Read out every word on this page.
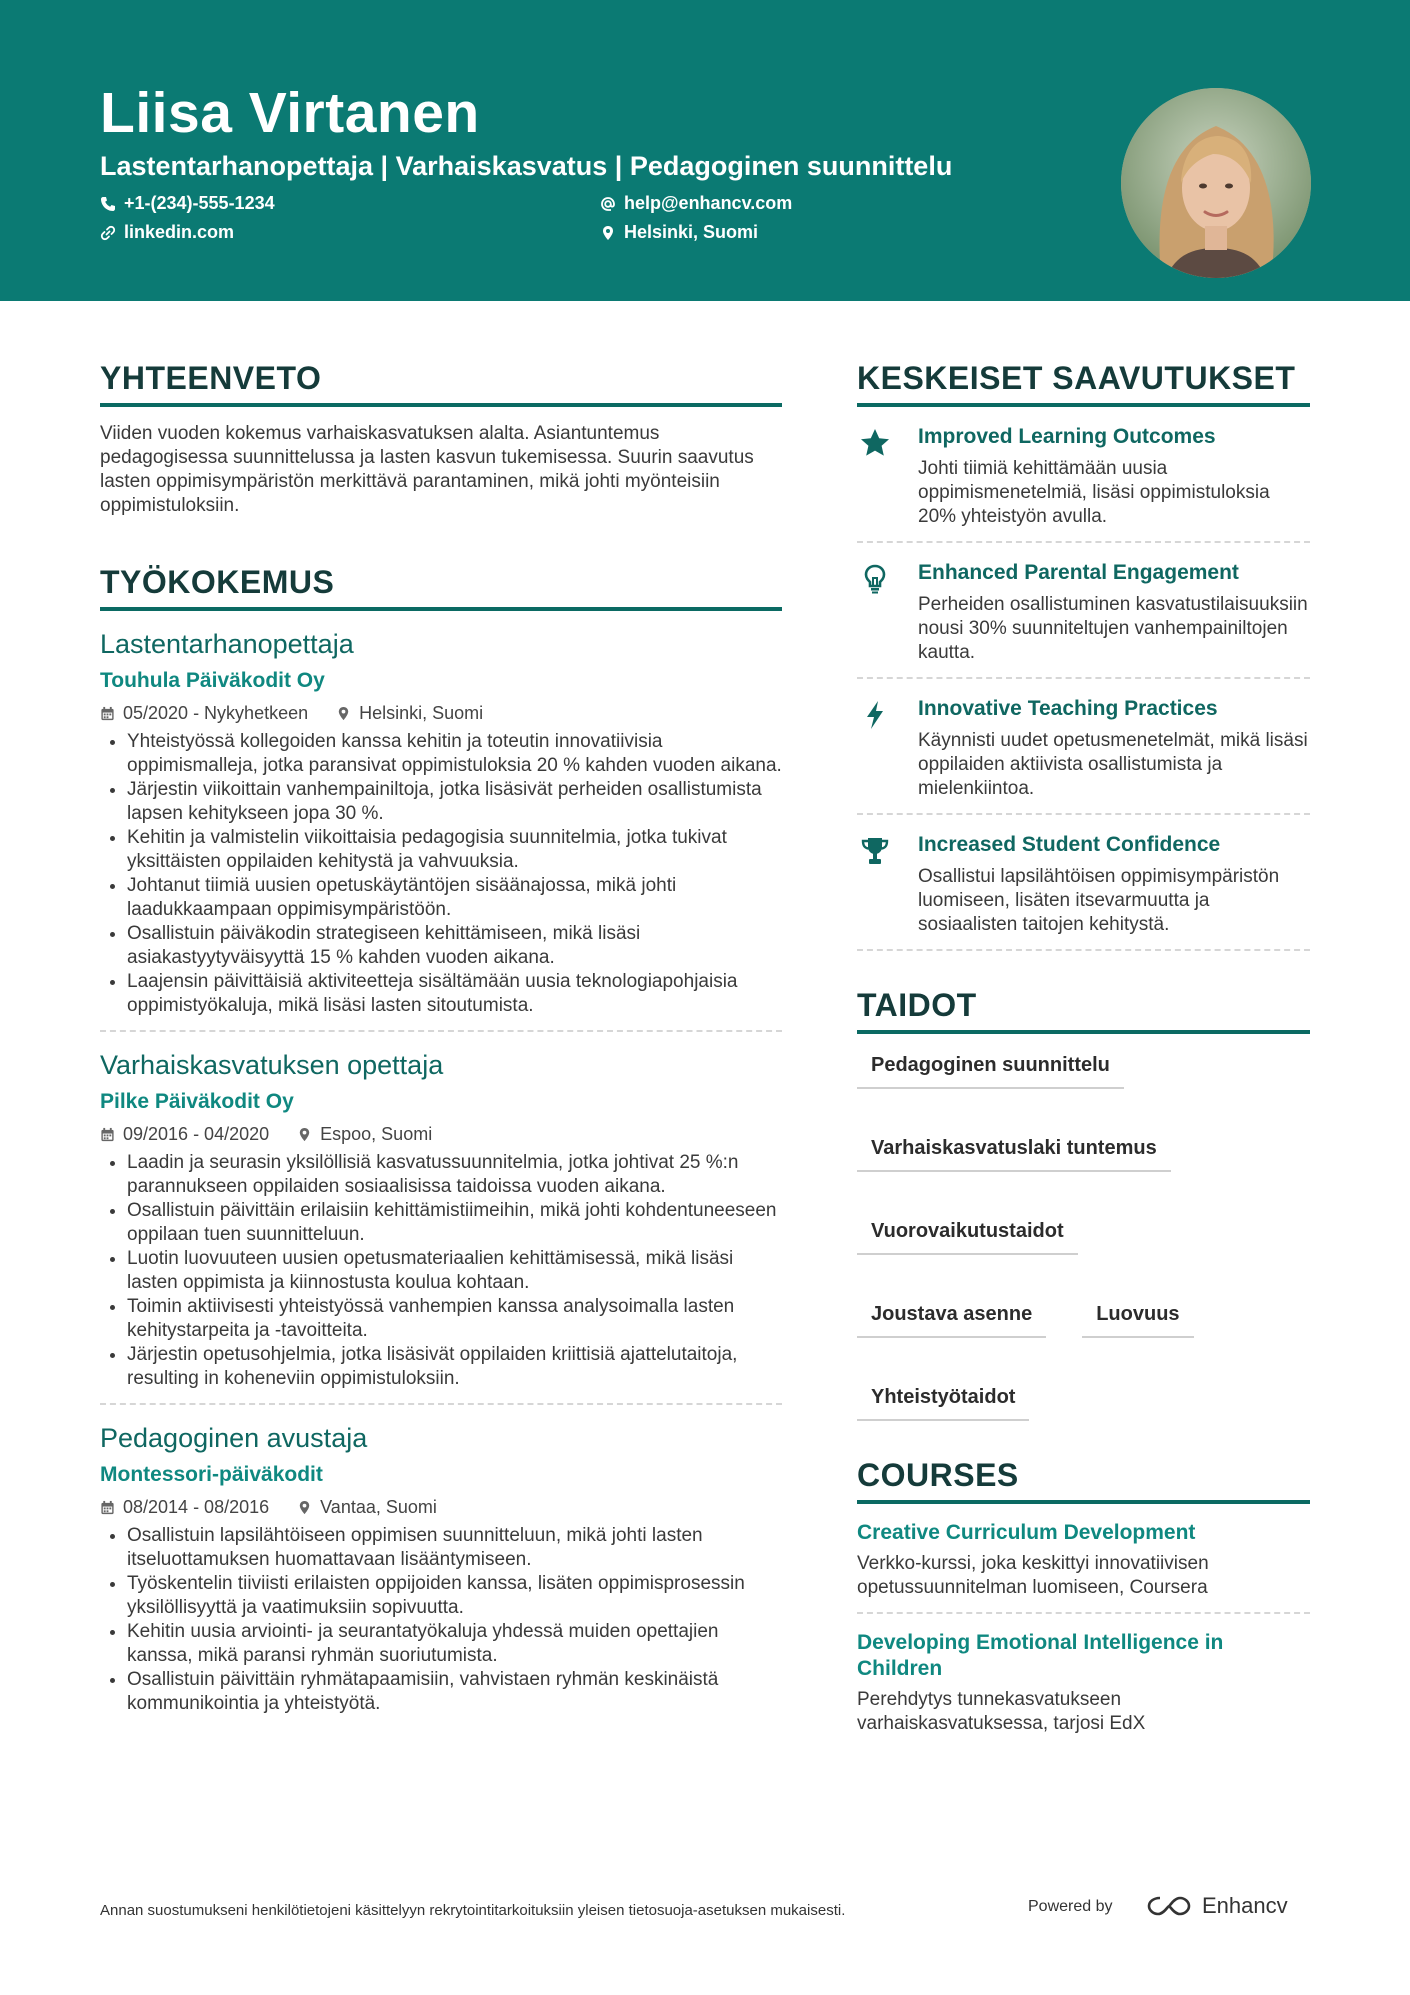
Liisa Virtanen
Lastentarhanopettaja | Varhaiskasvatus | Pedagoginen suunnittelu
+1-(234)-555-1234	help@enhancv.com
linkedin.com	Helsinki, Suomi
YHTEENVETO
Viiden vuoden kokemus varhaiskasvatuksen alalta. Asiantuntemus pedagogisessa suunnittelussa ja lasten kasvun tukemisessa. Suurin saavutus lasten oppimisympäristön merkittävä parantaminen, mikä johti myönteisiin oppimistuloksiin.
TYÖKOKEMUS
Lastentarhanopettaja
Touhula Päiväkodit Oy
05/2020 - Nykyhetkeen	Helsinki, Suomi
• Yhteistyössä kollegoiden kanssa kehitin ja toteutin innovatiivisia oppimismalleja, jotka paransivat oppimistuloksia 20 % kahden vuoden aikana.
• Järjestin viikoittain vanhempainiltoja, jotka lisäsivät perheiden osallistumista lapsen kehitykseen jopa 30 %.
• Kehitin ja valmistelin viikoittaisia pedagogisia suunnitelmia, jotka tukivat yksittäisten oppilaiden kehitystä ja vahvuuksia.
• Johtanut tiimiä uusien opetuskäytäntöjen sisäänajossa, mikä johti laadukkaampaan oppimisympäristöön.
• Osallistuin päiväkodin strategiseen kehittämiseen, mikä lisäsi asiakastyytyväisyyttä 15 % kahden vuoden aikana.
• Laajensin päivittäisiä aktiviteetteja sisältämään uusia teknologiapohjaisia oppimistyökaluja, mikä lisäsi lasten sitoutumista.
Varhaiskasvatuksen opettaja
Pilke Päiväkodit Oy
09/2016 - 04/2020	Espoo, Suomi
• Laadin ja seurasin yksilöllisiä kasvatussuunnitelmia, jotka johtivat 25 %:n parannukseen oppilaiden sosiaalisissa taidoissa vuoden aikana.
• Osallistuin päivittäin erilaisiin kehittämistiimeihin, mikä johti kohdentuneeseen oppilaan tuen suunnitteluun.
• Luotin luovuuteen uusien opetusmateriaalien kehittämisessä, mikä lisäsi lasten oppimista ja kiinnostusta koulua kohtaan.
• Toimin aktiivisesti yhteistyössä vanhempien kanssa analysoimalla lasten kehitystarpeita ja -tavoitteita.
• Järjestin opetusohjelmia, jotka lisäsivät oppilaiden kriittisiä ajattelutaitoja, resulting in koheneviin oppimistuloksiin.
Pedagoginen avustaja
Montessori-päiväkodit
08/2014 - 08/2016	Vantaa, Suomi
• Osallistuin lapsilähtöiseen oppimisen suunnitteluun, mikä johti lasten itseluottamuksen huomattavaan lisääntymiseen.
• Työskentelin tiiviisti erilaisten oppijoiden kanssa, lisäten oppimisprosessin yksilöllisyyttä ja vaatimuksiin sopivuutta.
• Kehitin uusia arviointi- ja seurantatyökaluja yhdessä muiden opettajien kanssa, mikä paransi ryhmän suoriutumista.
• Osallistuin päivittäin ryhmätapaamisiin, vahvistaen ryhmän keskinäistä kommunikointia ja yhteistyötä.
KESKEISET SAAVUTUKSET
Improved Learning Outcomes
Johti tiimiä kehittämään uusia oppimismenetelmiä, lisäsi oppimistuloksia 20% yhteistyön avulla.
Enhanced Parental Engagement
Perheiden osallistuminen kasvatustilaisuuksiin nousi 30% suunniteltujen vanhempainiltojen kautta.
Innovative Teaching Practices
Käynnisti uudet opetusmenetelmät, mikä lisäsi oppilaiden aktiivista osallistumista ja mielenkiintoa.
Increased Student Confidence
Osallistui lapsilähtöisen oppimisympäristön luomiseen, lisäten itsevarmuutta ja sosiaalisten taitojen kehitystä.
TAIDOT
Pedagoginen suunnittelu
Varhaiskasvatuslaki tuntemus
Vuorovaikutustaidot
Joustava asenne	Luovuus
Yhteistyötaidot
COURSES
Creative Curriculum Development
Verkko-kurssi, joka keskittyi innovatiivisen opetussuunnitelman luomiseen, Coursera
Developing Emotional Intelligence in Children
Perehdytys tunnekasvatukseen varhaiskasvatuksessa, tarjosi EdX
Annan suostumukseni henkilötietojeni käsittelyyn rekrytointitarkoituksiin yleisen tietosuoja-asetuksen mukaisesti.	Powered by	Enhancv
